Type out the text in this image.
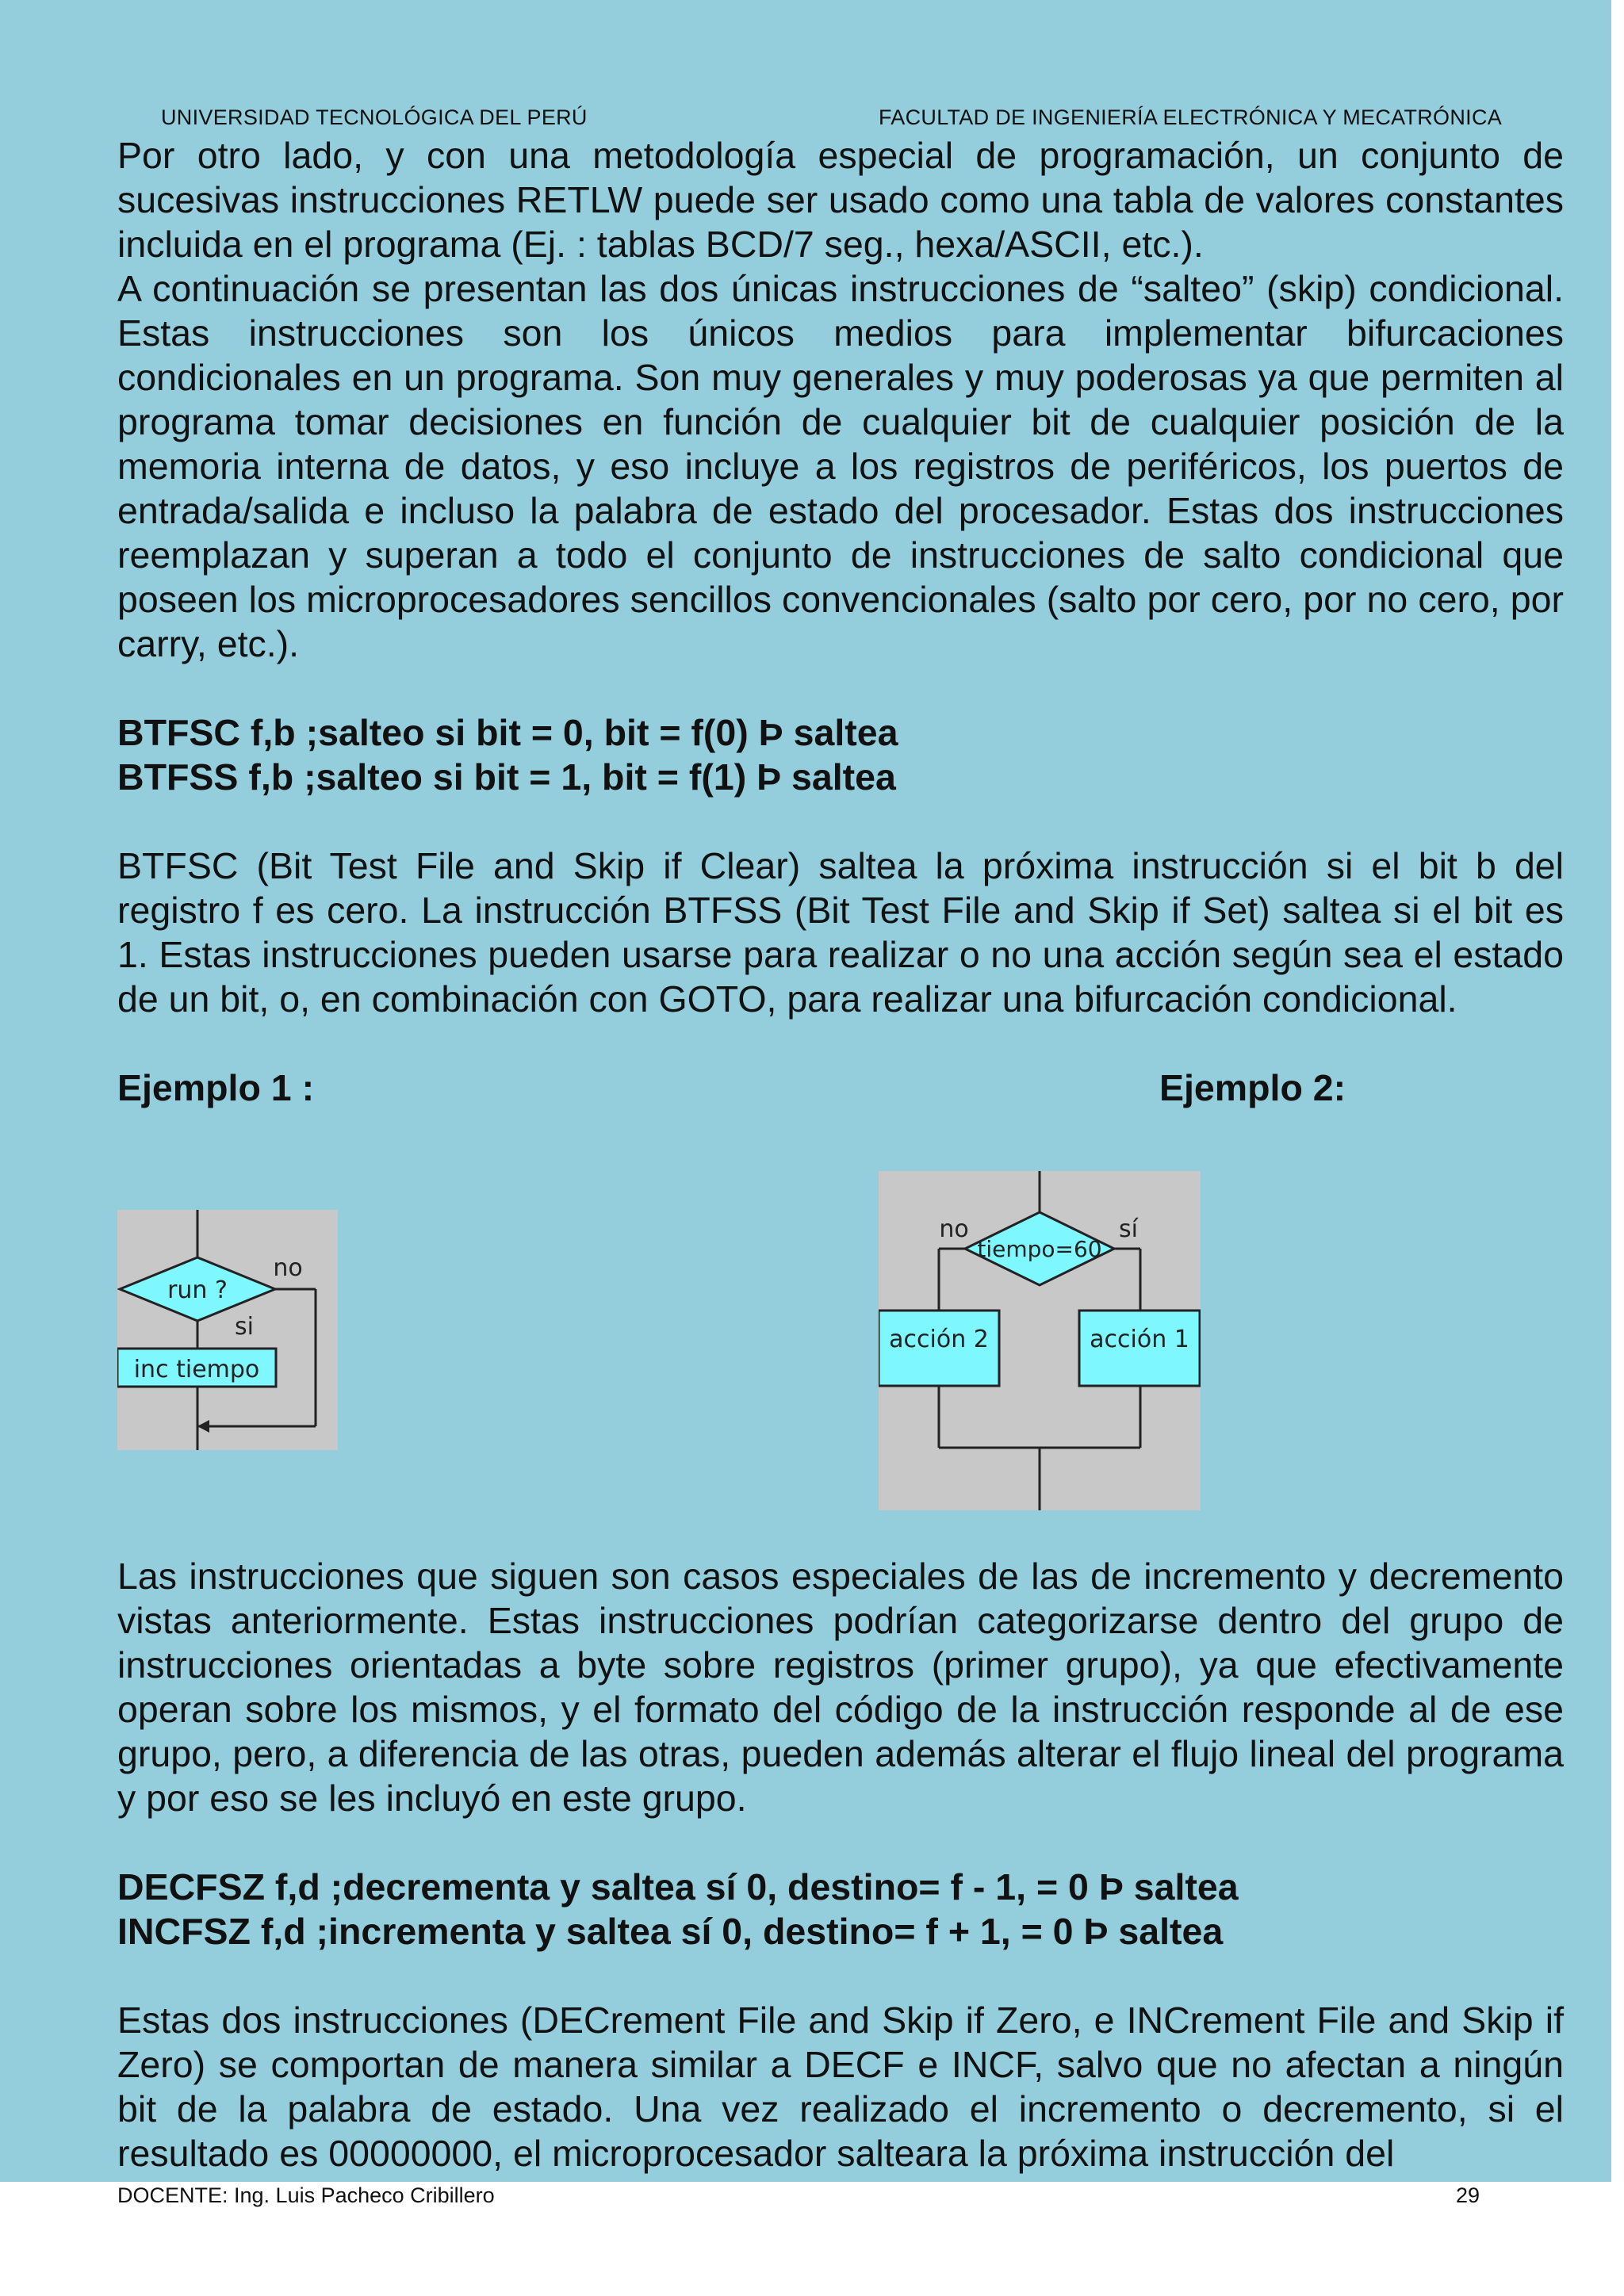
UNIVERSIDAD TECNOLÓGICA DEL PERÚ	FACULTAD DE INGENIERÍA ELECTRÓNICA Y MECATRÓNICA

Por otro lado, y con una metodología especial de programación, un conjunto de sucesivas instrucciones RETLW puede ser usado como una tabla de valores constantes incluida en el programa (Ej. : tablas BCD/7 seg., hexa/ASCII, etc.).

A continuación se presentan las dos únicas instrucciones de “salteo” (skip) condicional. Estas instrucciones son los únicos medios para implementar bifurcaciones condicionales en un programa. Son muy generales y muy poderosas ya que permiten al programa tomar decisiones en función de cualquier bit de cualquier posición de la memoria interna de datos, y eso incluye a los registros de periféricos, los puertos de entrada/salida e incluso la palabra de estado del procesador. Estas dos instrucciones reemplazan y superan a todo el conjunto de instrucciones de salto condicional que poseen los microprocesadores sencillos convencionales (salto por cero, por no cero, por carry, etc.).

BTFSC f,b ;salteo si bit = 0, bit = f(0) Þ saltea

BTFSS f,b ;salteo si bit = 1, bit = f(1) Þ saltea

BTFSC (Bit Test File and Skip if Clear) saltea la próxima instrucción si el bit b del registro f es cero. La instrucción BTFSS (Bit Test File and Skip if Set) saltea si el bit es 1. Estas instrucciones pueden usarse para realizar o no una acción según sea el estado de un bit, o, en combinación con GOTO, para realizar una bifurcación condicional.

Ejemplo 1 :	Ejemplo 2:
run ?
no
si
inc tiempo
tiempo=60
no	sí
acción 2	acción 1

Las instrucciones que siguen son casos especiales de las de incremento y decremento vistas anteriormente. Estas instrucciones podrían categorizarse dentro del grupo de instrucciones orientadas a byte sobre registros (primer grupo), ya que efectivamente operan sobre los mismos, y el formato del código de la instrucción responde al de ese grupo, pero, a diferencia de las otras, pueden además alterar el flujo lineal del programa y por eso se les incluyó en este grupo.

DECFSZ f,d ;decrementa y saltea sí 0, destino= f - 1, = 0 Þ saltea

INCFSZ f,d ;incrementa y saltea sí 0, destino= f + 1, = 0 Þ saltea

Estas dos instrucciones (DECrement File and Skip if Zero, e INCrement File and Skip if Zero) se comportan de manera similar a DECF e INCF, salvo que no afectan a ningún bit de la palabra de estado. Una vez realizado el incremento o decremento, si el resultado es 00000000, el microprocesador salteara la próxima instrucción del

DOCENTE: Ing. Luis Pacheco Cribillero	29
